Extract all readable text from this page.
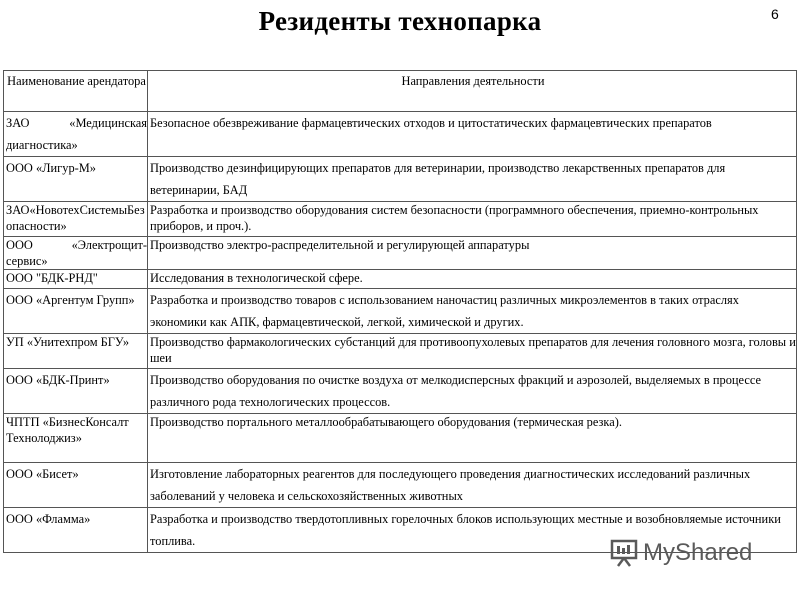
Резиденты технопарка	6
Наименование арендатора	Направления деятельности
ЗАО «Медицинская диагностика»	Безопасное обезвреживание фармацевтических отходов и цитостатических фармацевтических препаратов
ООО «Лигур-М»	Производство дезинфицирующих препаратов для ветеринарии, производство лекарственных препаратов для ветеринарии, БАД
ЗАО«НовотехСистемыБезопасности»	Разработка и производство оборудования систем безопасности (программного обеспечения, приемно-контрольных приборов, и проч.).
ООО «Электрощит-сервис»	Производство электро-распределительной и регулирующей аппаратуры
ООО "БДК-РНД"	Исследования в технологической сфере.
ООО «Аргентум Групп»	Разработка и производство товаров с использованием наночастиц различных микроэлементов в таких отраслях экономики как АПК, фармацевтической, легкой, химической и других.
УП «Унитехпром БГУ»	Производство фармакологических субстанций для противоопухолевых препаратов для лечения головного мозга, головы и шеи
ООО «БДК-Принт»	Производство оборудования по очистке воздуха от мелкодисперсных фракций и аэрозолей, выделяемых в процессе различного рода технологических процессов.
ЧПТП «БизнесКонсалт Технолоджиз»	Производство портального металлообрабатывающего оборудования (термическая резка).
ООО «Бисет»	Изготовление лабораторных реагентов для последующего проведения диагностических исследований различных заболеваний у человека и сельскохозяйственных животных
ООО «Фламма»	Разработка и производство твердотопливных горелочных блоков использующих местные и возобновляемые источники топлива.	MyShared
